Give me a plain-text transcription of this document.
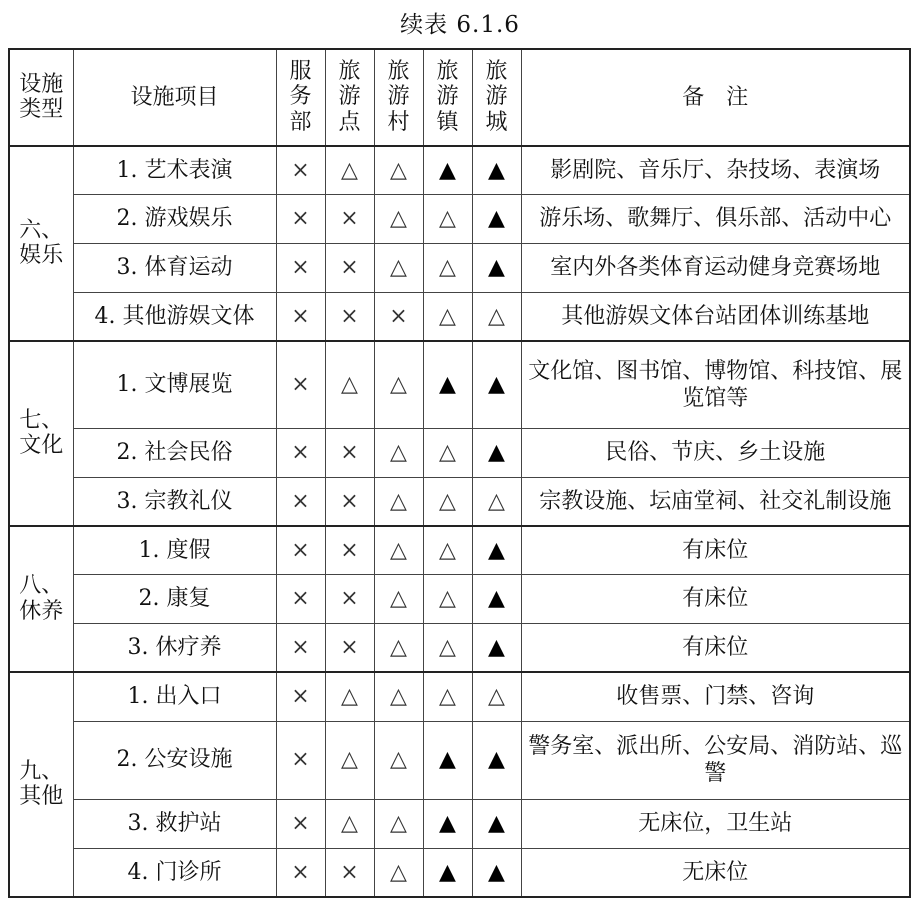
续表 6.1.6
设施类型	设施项目	服务部	旅游点	旅游村	旅游镇	旅游城	备　注
六、娱乐	1. 艺术表演	×	△	△	▲	▲	影剧院、音乐厅、杂技场、表演场
	2. 游戏娱乐	×	×	△	△	▲	游乐场、歌舞厅、俱乐部、活动中心
	3. 体育运动	×	×	△	△	▲	室内外各类体育运动健身竞赛场地
	4. 其他游娱文体	×	×	×	△	△	其他游娱文体台站团体训练基地
七、文化	1. 文博展览	×	△	△	▲	▲	文化馆、图书馆、博物馆、科技馆、展览馆等
	2. 社会民俗	×	×	△	△	▲	民俗、节庆、乡土设施
	3. 宗教礼仪	×	×	△	△	△	宗教设施、坛庙堂祠、社交礼制设施
八、休养	1. 度假	×	×	△	△	▲	有床位
	2. 康复	×	×	△	△	▲	有床位
	3. 休疗养	×	×	△	△	▲	有床位
九、其他	1. 出入口	×	△	△	△	△	收售票、门禁、咨询
	2. 公安设施	×	△	△	▲	▲	警务室、派出所、公安局、消防站、巡警
	3. 救护站	×	△	△	▲	▲	无床位，卫生站
	4. 门诊所	×	×	△	▲	▲	无床位
